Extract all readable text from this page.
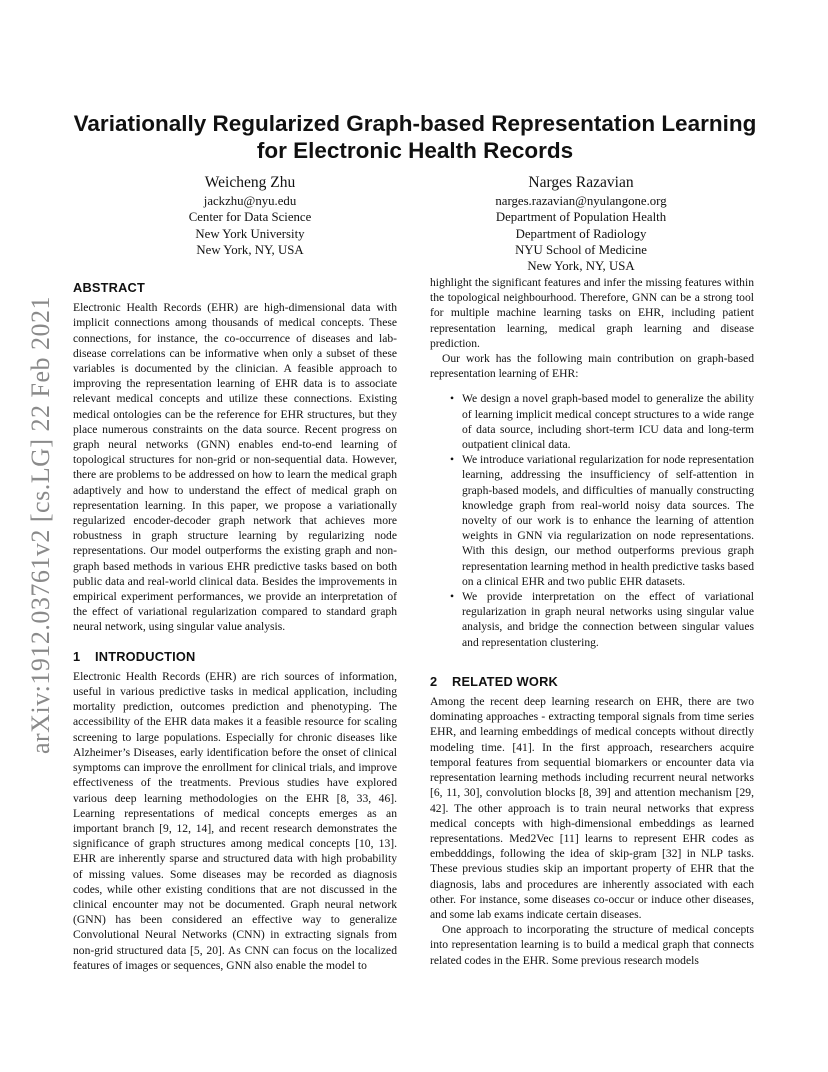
arXiv:1912.03761v2 [cs.LG] 22 Feb 2021
Variationally Regularized Graph-based Representation Learning for Electronic Health Records
Weicheng Zhu
jackzhu@nyu.edu
Center for Data Science
New York University
New York, NY, USA
Narges Razavian
narges.razavian@nyulangone.org
Department of Population Health
Department of Radiology
NYU School of Medicine
New York, NY, USA
ABSTRACT

Electronic Health Records (EHR) are high-dimensional data with implicit connections among thousands of medical concepts. These connections, for instance, the co-occurrence of diseases and lab-disease correlations can be informative when only a subset of these variables is documented by the clinician. A feasible approach to improving the representation learning of EHR data is to associate relevant medical concepts and utilize these connections. Existing medical ontologies can be the reference for EHR structures, but they place numerous constraints on the data source. Recent progress on graph neural networks (GNN) enables end-to-end learning of topological structures for non-grid or non-sequential data. However, there are problems to be addressed on how to learn the medical graph adaptively and how to understand the effect of medical graph on representation learning. In this paper, we propose a variationally regularized encoder-decoder graph network that achieves more robustness in graph structure learning by regularizing node representations. Our model outperforms the existing graph and non-graph based methods in various EHR predictive tasks based on both public data and real-world clinical data. Besides the improvements in empirical experiment performances, we provide an interpretation of the effect of variational regularization compared to standard graph neural network, using singular value analysis.

1 INTRODUCTION

Electronic Health Records (EHR) are rich sources of information, useful in various predictive tasks in medical application, including mortality prediction, outcomes prediction and phenotyping. The accessibility of the EHR data makes it a feasible resource for scaling screening to large populations. Especially for chronic diseases like Alzheimer’s Diseases, early identification before the onset of clinical symptoms can improve the enrollment for clinical trials, and improve effectiveness of the treatments. Previous studies have explored various deep learning methodologies on the EHR [8, 33, 46]. Learning representations of medical concepts emerges as an important branch [9, 12, 14], and recent research demonstrates the significance of graph structures among medical concepts [10, 13]. EHR are inherently sparse and structured data with high probability of missing values. Some diseases may be recorded as diagnosis codes, while other existing conditions that are not discussed in the clinical encounter may not be documented. Graph neural network (GNN) has been considered an effective way to generalize Convolutional Neural Networks (CNN) in extracting signals from non-grid structured data [5, 20]. As CNN can focus on the localized features of images or sequences, GNN also enable the model to

highlight the significant features and infer the missing features within the topological neighbourhood. Therefore, GNN can be a strong tool for multiple machine learning tasks on EHR, including patient representation learning, medical graph learning and disease prediction.

Our work has the following main contribution on graph-based representation learning of EHR:

• We design a novel graph-based model to generalize the ability of learning implicit medical concept structures to a wide range of data source, including short-term ICU data and long-term outpatient clinical data.
• We introduce variational regularization for node representation learning, addressing the insufficiency of self-attention in graph-based models, and difficulties of manually constructing knowledge graph from real-world noisy data sources. The novelty of our work is to enhance the learning of attention weights in GNN via regularization on node representations. With this design, our method outperforms previous graph representation learning method in health predictive tasks based on a clinical EHR and two public EHR datasets.
• We provide interpretation on the effect of variational regularization in graph neural networks using singular value analysis, and bridge the connection between singular values and representation clustering.
2 RELATED WORK

Among the recent deep learning research on EHR, there are two dominating approaches - extracting temporal signals from time series EHR, and learning embeddings of medical concepts without directly modeling time. [41]. In the first approach, researchers acquire temporal features from sequential biomarkers or encounter data via representation learning methods including recurrent neural networks [6, 11, 30], convolution blocks [8, 39] and attention mechanism [29, 42]. The other approach is to train neural networks that express medical concepts with high-dimensional embeddings as learned representations. Med2Vec [11] learns to represent EHR codes as embedddings, following the idea of skip-gram [32] in NLP tasks. These previous studies skip an important property of EHR that the diagnosis, labs and procedures are inherently associated with each other. For instance, some diseases co-occur or induce other diseases, and some lab exams indicate certain diseases.

One approach to incorporating the structure of medical concepts into representation learning is to build a medical graph that connects related codes in the EHR. Some previous research models
